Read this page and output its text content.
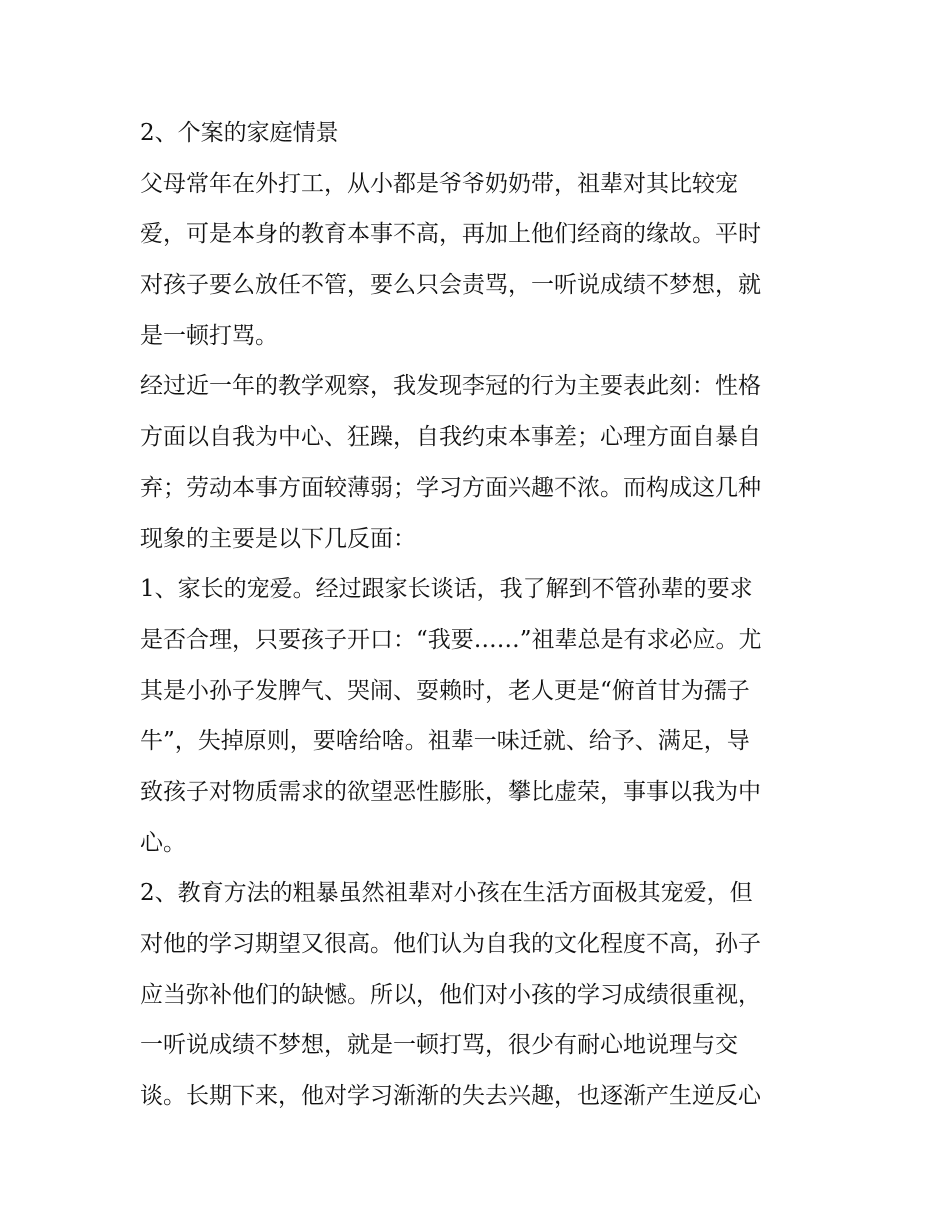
2、个案的家庭情景
父母常年在外打工，从小都是爷爷奶奶带，祖辈对其比较宠
爱，可是本身的教育本事不高，再加上他们经商的缘故。平时
对孩子要么放任不管，要么只会责骂，一听说成绩不梦想，就
是一顿打骂。
经过近一年的教学观察，我发现李冠的行为主要表此刻：性格
方面以自我为中心、狂躁，自我约束本事差；心理方面自暴自
弃；劳动本事方面较薄弱；学习方面兴趣不浓。而构成这几种
现象的主要是以下几反面：
1、家长的宠爱。经过跟家长谈话，我了解到不管孙辈的要求
是否合理，只要孩子开口：“我要……”祖辈总是有求必应。尤
其是小孙子发脾气、哭闹、耍赖时，老人更是“俯首甘为孺子
牛”，失掉原则，要啥给啥。祖辈一味迁就、给予、满足，导
致孩子对物质需求的欲望恶性膨胀，攀比虚荣，事事以我为中
心。
2、教育方法的粗暴虽然祖辈对小孩在生活方面极其宠爱，但
对他的学习期望又很高。他们认为自我的文化程度不高，孙子
应当弥补他们的缺憾。所以，他们对小孩的学习成绩很重视，
一听说成绩不梦想，就是一顿打骂，很少有耐心地说理与交
谈。长期下来，他对学习渐渐的失去兴趣，也逐渐产生逆反心
